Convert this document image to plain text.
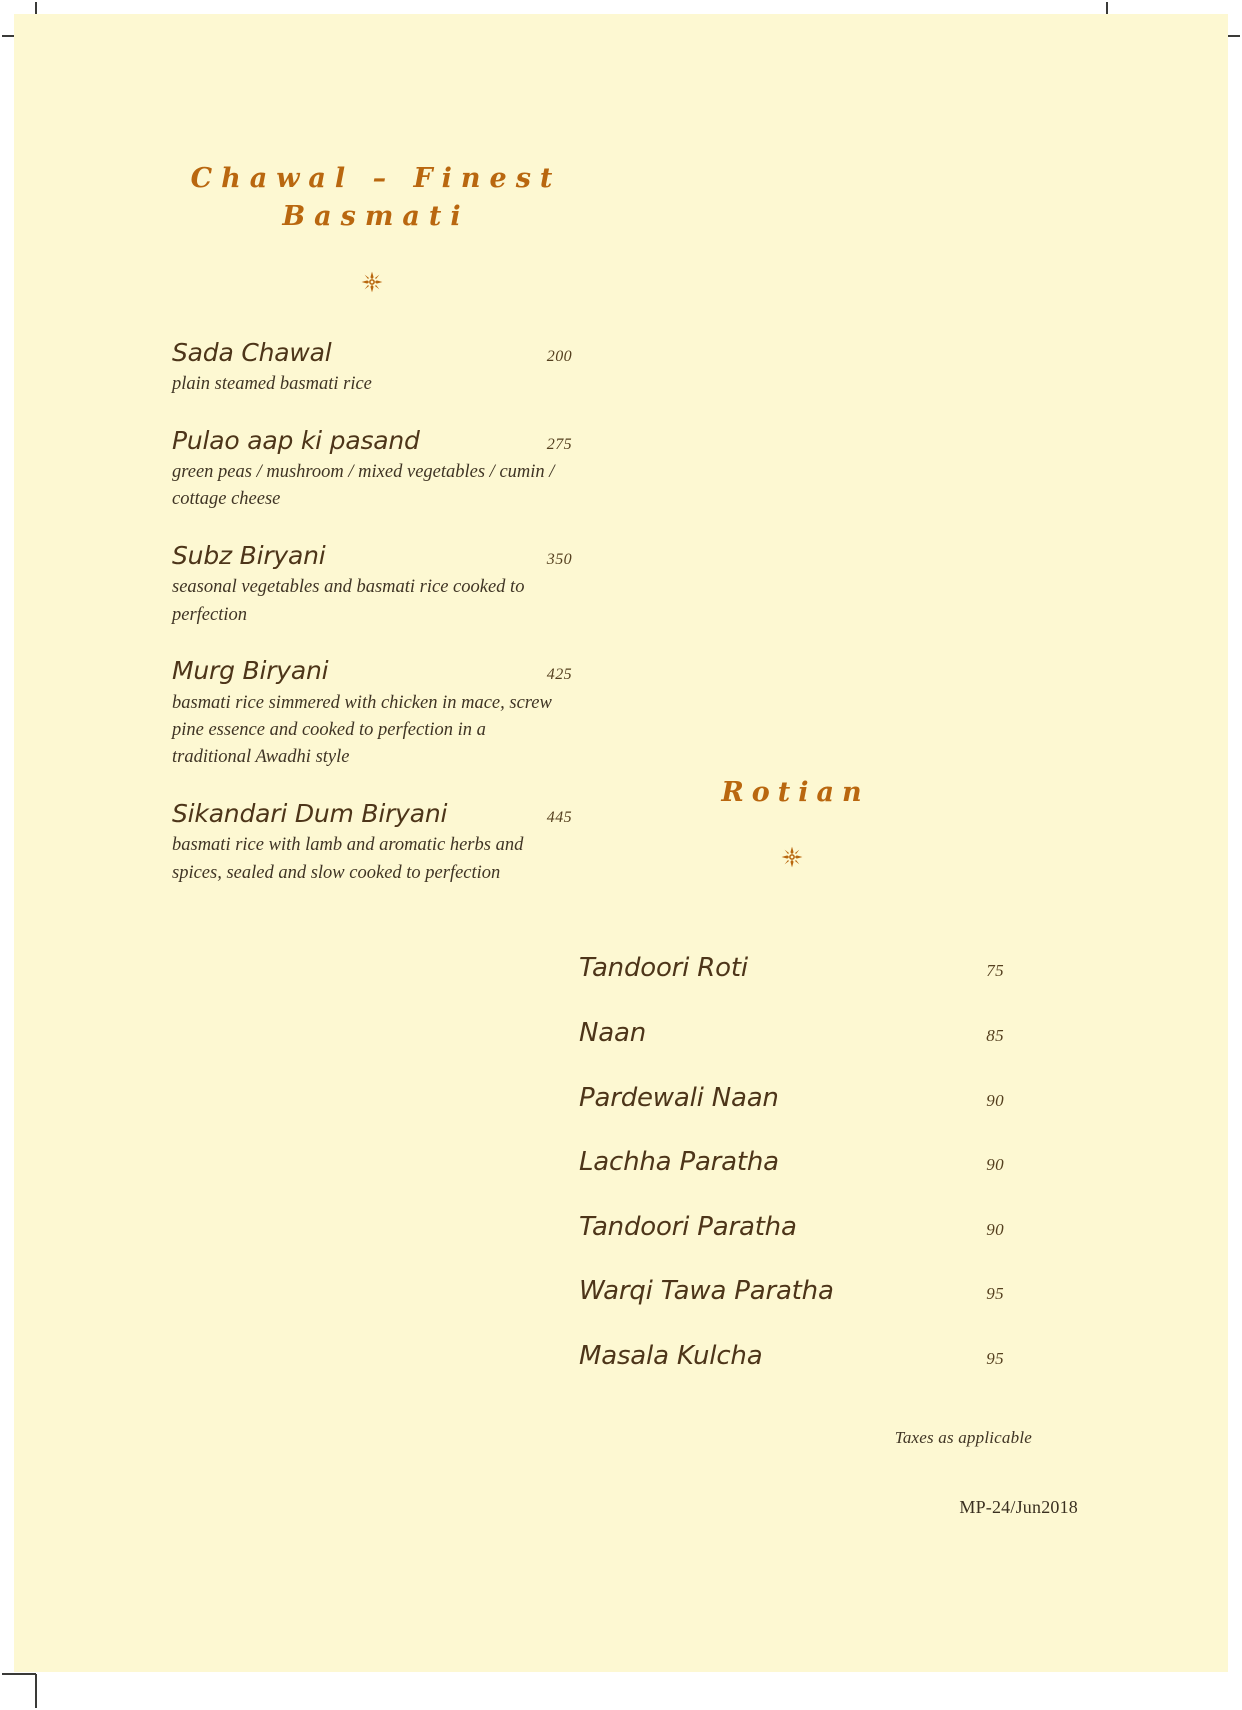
Chawal – Finest
Basmati
Sada Chawal	200
plain steamed basmati rice
Pulao aap ki pasand	275
green peas / mushroom / mixed vegetables / cumin / cottage cheese
Subz Biryani	350
seasonal vegetables and basmati rice cooked to perfection
Murg Biryani	425
basmati rice simmered with chicken in mace, screw pine essence and cooked to perfection in a traditional Awadhi style
Sikandari Dum Biryani	445
basmati rice with lamb and aromatic herbs and spices, sealed and slow cooked to perfection
Rotian
Tandoori Roti	75
Naan	85
Pardewali Naan	90
Lachha Paratha	90
Tandoori Paratha	90
Warqi Tawa Paratha	95
Masala Kulcha	95
Taxes as applicable
MP-24/Jun2018
